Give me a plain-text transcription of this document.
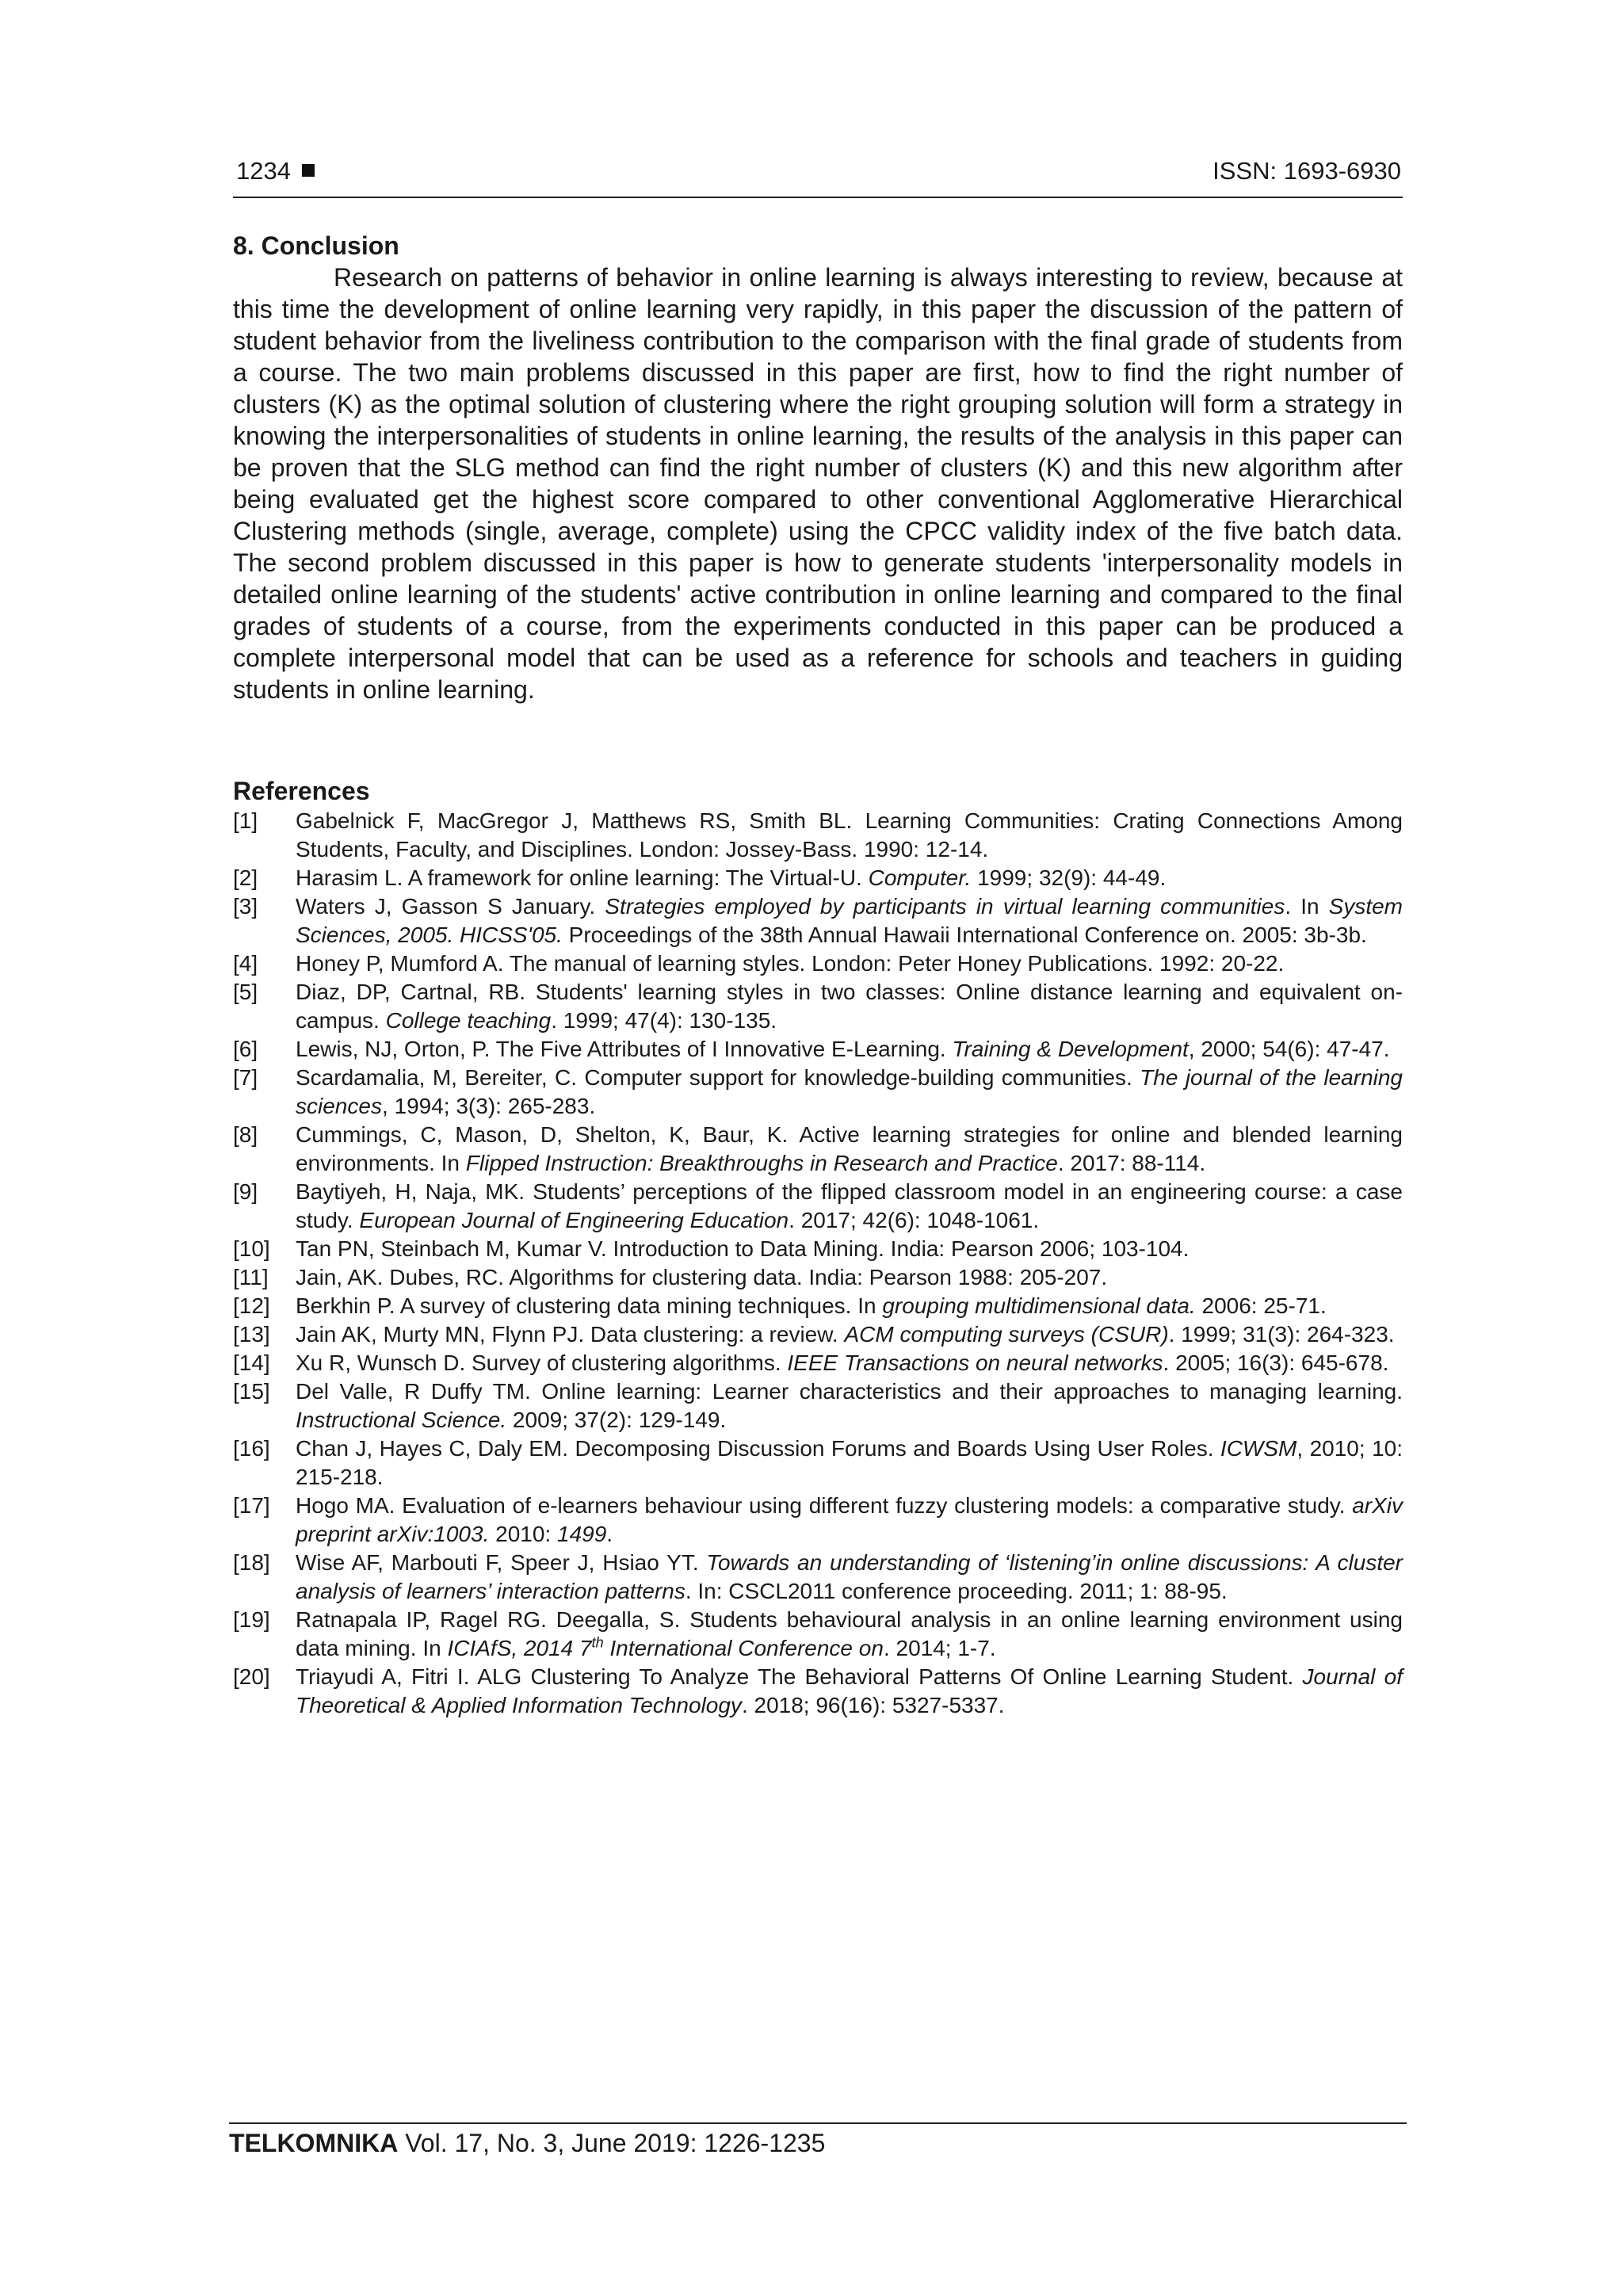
1234	ISSN: 1693-6930
8. Conclusion

Research on patterns of behavior in online learning is always interesting to review, because at this time the development of online learning very rapidly, in this paper the discussion of the pattern of student behavior from the liveliness contribution to the comparison with the final grade of students from a course. The two main problems discussed in this paper are first, how to find the right number of clusters (K) as the optimal solution of clustering where the right grouping solution will form a strategy in knowing the interpersonalities of students in online learning, the results of the analysis in this paper can be proven that the SLG method can find the right number of clusters (K) and this new algorithm after being evaluated get the highest score compared to other conventional Agglomerative Hierarchical Clustering methods (single, average, complete) using the CPCC validity index of the five batch data. The second problem discussed in this paper is how to generate students 'interpersonality models in detailed online learning of the students' active contribution in online learning and compared to the final grades of students of a course, from the experiments conducted in this paper can be produced a complete interpersonal model that can be used as a reference for schools and teachers in guiding students in online learning.

References
[1] Gabelnick F, MacGregor J, Matthews RS, Smith BL. Learning Communities: Crating Connections Among Students, Faculty, and Disciplines. London: Jossey-Bass. 1990: 12-14.
[2] Harasim L. A framework for online learning: The Virtual-U. Computer. 1999; 32(9): 44-49.
[3] Waters J, Gasson S January. Strategies employed by participants in virtual learning communities. In System Sciences, 2005. HICSS'05. Proceedings of the 38th Annual Hawaii International Conference on. 2005: 3b-3b.
[4] Honey P, Mumford A. The manual of learning styles. London: Peter Honey Publications. 1992: 20-22.
[5] Diaz, DP, Cartnal, RB. Students' learning styles in two classes: Online distance learning and equivalent on-campus. College teaching. 1999; 47(4): 130-135.
[6] Lewis, NJ, Orton, P. The Five Attributes of I Innovative E-Learning. Training & Development, 2000; 54(6): 47-47.
[7] Scardamalia, M, Bereiter, C. Computer support for knowledge-building communities. The journal of the learning sciences, 1994; 3(3): 265-283.
[8] Cummings, C, Mason, D, Shelton, K, Baur, K. Active learning strategies for online and blended learning environments. In Flipped Instruction: Breakthroughs in Research and Practice. 2017: 88-114.
[9] Baytiyeh, H, Naja, MK. Students’ perceptions of the flipped classroom model in an engineering course: a case study. European Journal of Engineering Education. 2017; 42(6): 1048-1061.
[10] Tan PN, Steinbach M, Kumar V. Introduction to Data Mining. India: Pearson 2006; 103-104.
[11] Jain, AK. Dubes, RC. Algorithms for clustering data. India: Pearson 1988: 205-207.
[12] Berkhin P. A survey of clustering data mining techniques. In grouping multidimensional data. 2006: 25-71.
[13] Jain AK, Murty MN, Flynn PJ. Data clustering: a review. ACM computing surveys (CSUR). 1999; 31(3): 264-323.
[14] Xu R, Wunsch D. Survey of clustering algorithms. IEEE Transactions on neural networks. 2005; 16(3): 645-678.
[15] Del Valle, R Duffy TM. Online learning: Learner characteristics and their approaches to managing learning. Instructional Science. 2009; 37(2): 129-149.
[16] Chan J, Hayes C, Daly EM. Decomposing Discussion Forums and Boards Using User Roles. ICWSM, 2010; 10: 215-218.
[17] Hogo MA. Evaluation of e-learners behaviour using different fuzzy clustering models: a comparative study. arXiv preprint arXiv:1003. 2010: 1499.
[18] Wise AF, Marbouti F, Speer J, Hsiao YT. Towards an understanding of ‘listening’in online discussions: A cluster analysis of learners’ interaction patterns. In: CSCL2011 conference proceeding. 2011; 1: 88-95.
[19] Ratnapala IP, Ragel RG. Deegalla, S. Students behavioural analysis in an online learning environment using data mining. In ICIAfS, 2014 7th International Conference on. 2014; 1-7.
[20] Triayudi A, Fitri I. ALG Clustering To Analyze The Behavioral Patterns Of Online Learning Student. Journal of Theoretical & Applied Information Technology. 2018; 96(16): 5327-5337.
TELKOMNIKA Vol. 17, No. 3, June 2019: 1226-1235
